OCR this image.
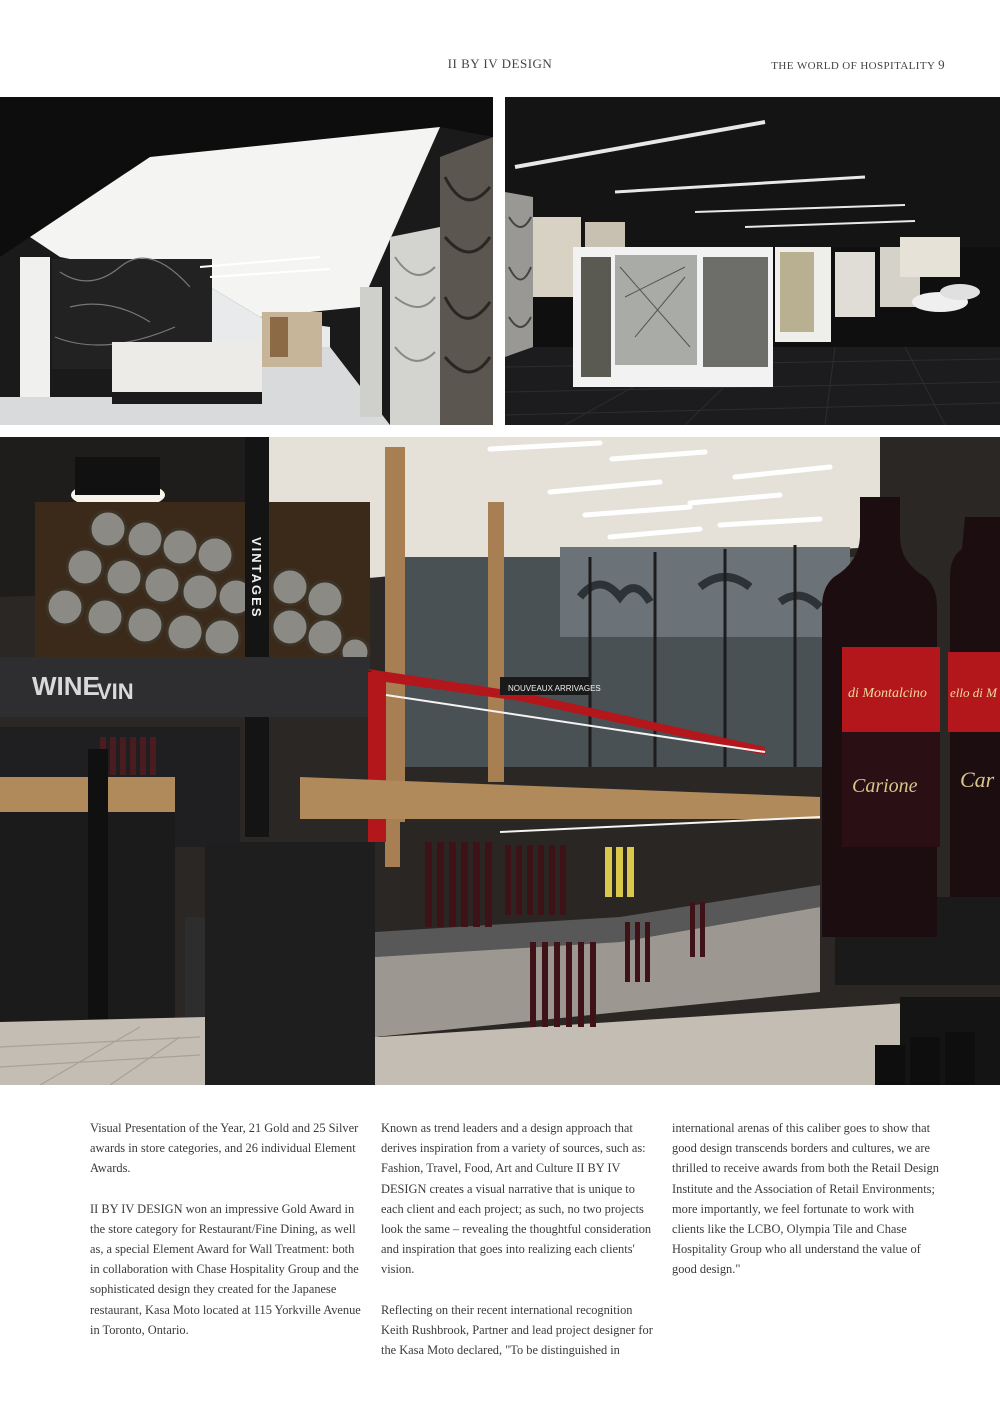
II BY IV DESIGN	THE WORLD OF HOSPITALITY 9
VINTAGES
WINE
VIN	NOUVEAUX ARRIVAGES	di Montalcino
Carione
ello di M
Car

Visual Presentation of the Year, 21 Gold and 25 Silver awards in store categories, and 26 individual Element Awards.

II BY IV DESIGN won an impressive Gold Award in the store category for Restaurant/Fine Dining, as well as, a special Element Award for Wall Treatment: both in collaboration with Chase Hospitality Group and the sophisticated design they created for the Japanese restaurant, Kasa Moto located at 115 Yorkville Avenue in Toronto, Ontario.

Known as trend leaders and a design approach that derives inspiration from a variety of sources, such as: Fashion, Travel, Food, Art and Culture II BY IV DESIGN creates a visual narrative that is unique to each client and each project; as such, no two projects look the same – revealing the thoughtful consideration and inspiration that goes into realizing each clients' vision.

Reflecting on their recent international recognition Keith Rushbrook, Partner and lead project designer for the Kasa Moto declared, "To be distinguished in

international arenas of this caliber goes to show that good design transcends borders and cultures, we are thrilled to receive awards from both the Retail Design Institute and the Association of Retail Environments; more importantly, we feel fortunate to work with clients like the LCBO, Olympia Tile and Chase Hospitality Group who all understand the value of good design."
